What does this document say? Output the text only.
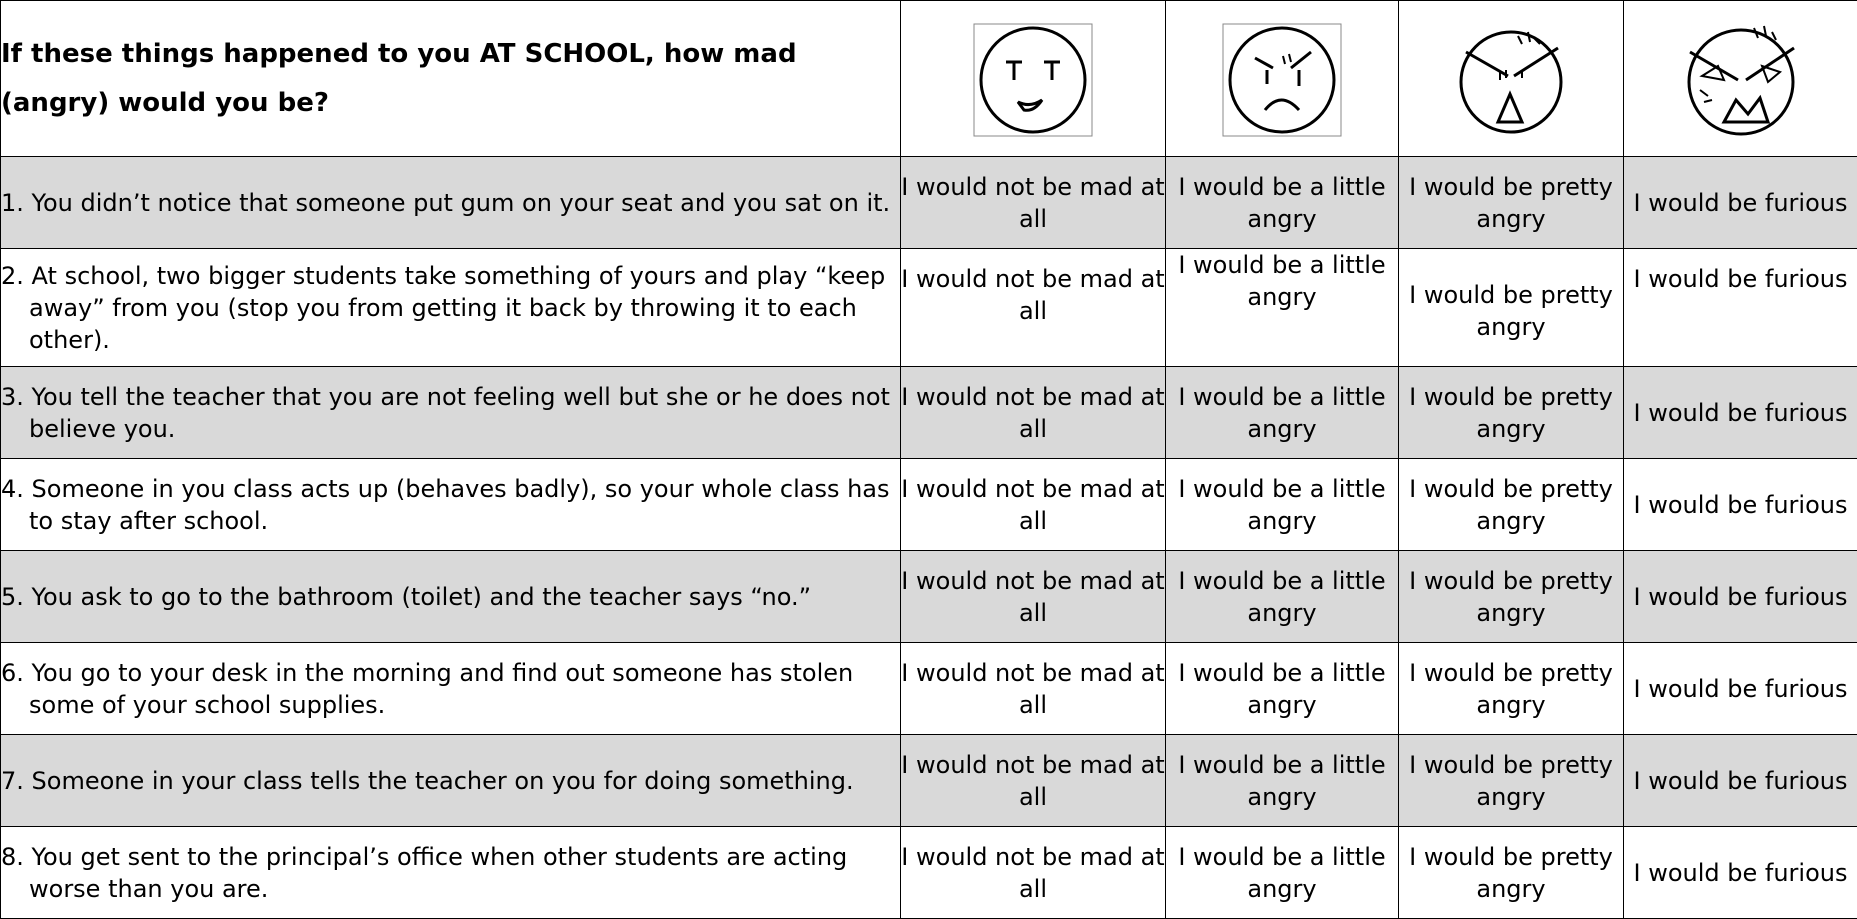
If these things happened to you AT SCHOOL, how mad (angry) would you be?	

1. You didn’t notice that someone put gum on your seat and you sat on it.	I would not be mad at all	I would be a little angry	I would be pretty angry	I would be furious

2. At school, two bigger students take something of yours and play “keep away” from you (stop you from getting it back by throwing it to each other).	I would not be mad at all	I would be a little angry	I would be pretty angry	I would be furious

3. You tell the teacher that you are not feeling well but she or he does not believe you.	I would not be mad at all	I would be a little angry	I would be pretty angry	I would be furious

4. Someone in you class acts up (behaves badly), so your whole class has to stay after school.	I would not be mad at all	I would be a little angry	I would be pretty angry	I would be furious

5. You ask to go to the bathroom (toilet) and the teacher says “no.”	I would not be mad at all	I would be a little angry	I would be pretty angry	I would be furious

6. You go to your desk in the morning and find out someone has stolen some of your school supplies.	I would not be mad at all	I would be a little angry	I would be pretty angry	I would be furious

7. Someone in your class tells the teacher on you for doing something.	I would not be mad at all	I would be a little angry	I would be pretty angry	I would be furious

8. You get sent to the principal’s office when other students are acting worse than you are.	I would not be mad at all	I would be a little angry	I would be pretty angry	I would be furious
